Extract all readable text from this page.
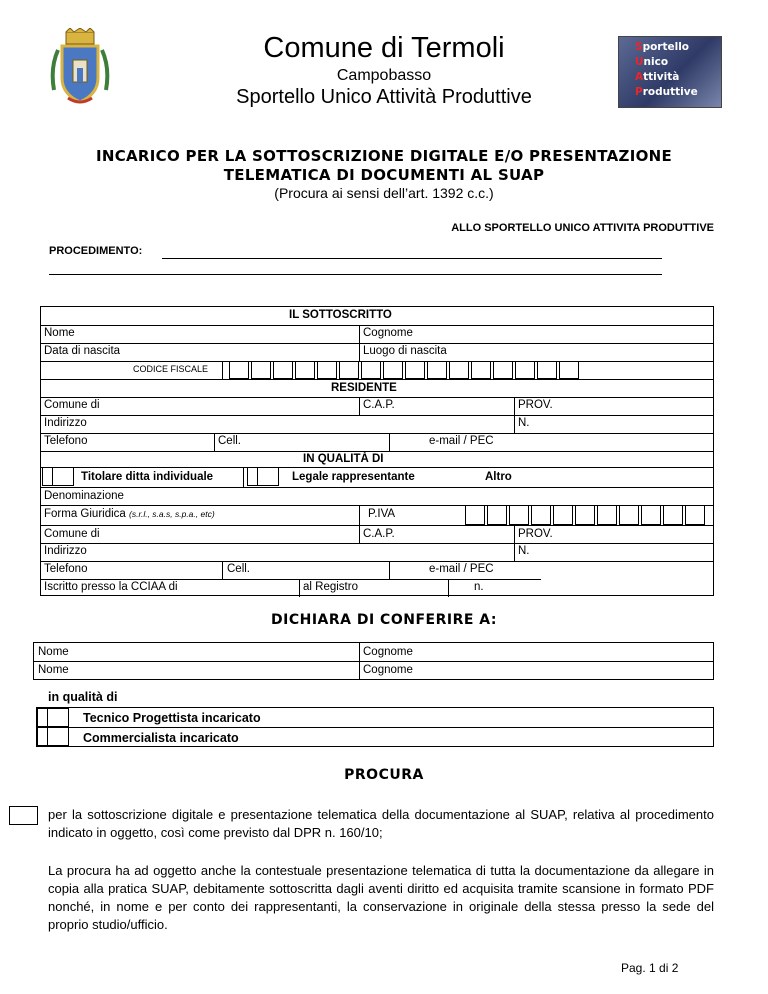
Comune di Termoli
Campobasso
Sportello Unico Attività Produttive
Sportello
Unico
Attività
Produttive
INCARICO PER LA SOTTOSCRIZIONE DIGITALE E/O PRESENTAZIONE
TELEMATICA DI DOCUMENTI AL SUAP
(Procura ai sensi dell’art. 1392 c.c.)
ALLO SPORTELLO UNICO ATTIVITA PRODUTTIVE
PROCEDIMENTO:
IL SOTTOSCRITTO
Nome	Cognome
Data di nascita	Luogo di nascita
CODICE FISCALE
RESIDENTE
Comune di	C.A.P.	PROV.
Indirizzo	N.
Telefono	Cell.	e-mail / PEC
IN QUALITÀ DI
Titolare ditta individuale	Legale rappresentante	Altro
Denominazione
Forma Giuridica (s.r.l., s.a.s, s.p.a., etc)	P.IVA
Comune di	C.A.P.	PROV.
Indirizzo	N.
Telefono	Cell.	e-mail / PEC
Iscritto presso la CCIAA di	al Registro	n.
DICHIARA DI CONFERIRE A:
Nome	Cognome
Nome	Cognome
in qualità di
Tecnico Progettista incaricato
Commercialista incaricato
PROCURA
per la sottoscrizione digitale e presentazione telematica della documentazione al SUAP, relativa al procedimento indicato in oggetto, così come previsto dal DPR n. 160/10;
La procura ha ad oggetto anche la contestuale presentazione telematica di tutta la documentazione da allegare in copia alla pratica SUAP, debitamente sottoscritta dagli aventi diritto ed acquisita tramite scansione in formato PDF nonché, in nome e per conto dei rappresentanti, la conservazione in originale della stessa presso la sede del proprio studio/ufficio.
Pag. 1 di 2
